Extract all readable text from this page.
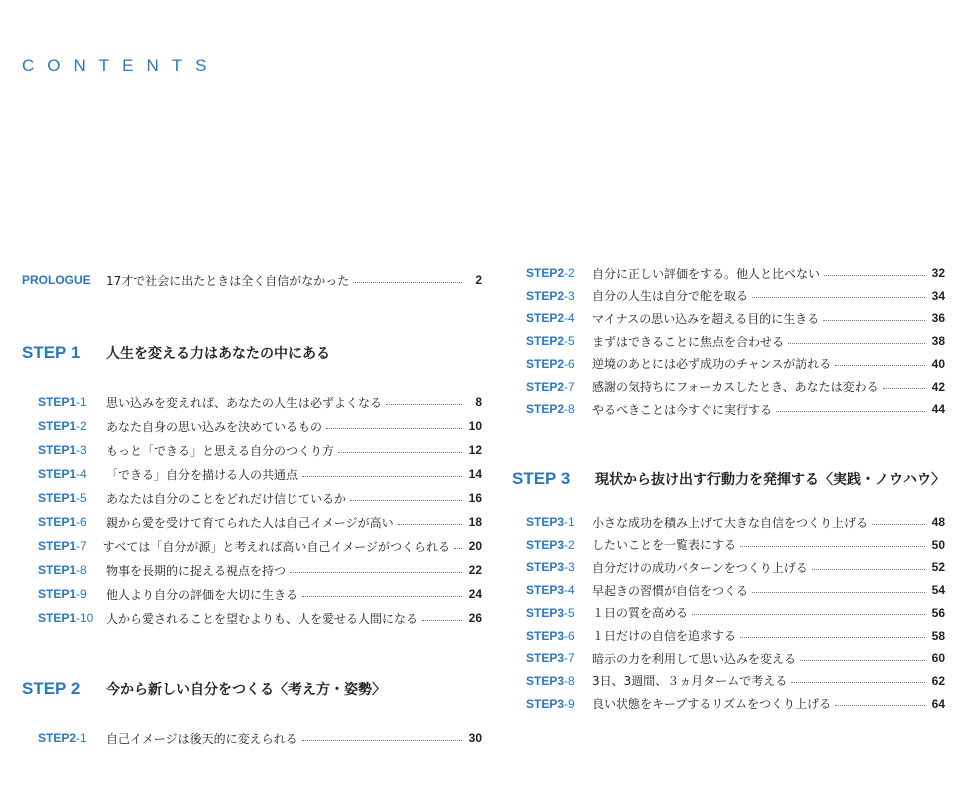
CONTENTS
PROLOGUE	17才で社会に出たときは全く自信がなかった	2
STEP 1	人生を変える力はあなたの中にある
STEP1-1	思い込みを変えれば、あなたの人生は必ずよくなる	8
STEP1-2	あなた自身の思い込みを決めているもの	10
STEP1-3	もっと「できる」と思える自分のつくり方	12
STEP1-4	「できる」自分を描ける人の共通点	14
STEP1-5	あなたは自分のことをどれだけ信じているか	16
STEP1-6	親から愛を受けて育てられた人は自己イメージが高い	18
STEP1-7	すべては「自分が源」と考えれば高い自己イメージがつくられる 20
STEP1-8	物事を長期的に捉える視点を持つ	22
STEP1-9	他人より自分の評価を大切に生きる	24
STEP1-10	人から愛されることを望むよりも、人を愛せる人間になる	26
STEP 2	今から新しい自分をつくる〈考え方・姿勢〉
STEP2-1	自己イメージは後天的に変えられる	30
STEP2-2	自分に正しい評価をする。他人と比べない	32
STEP2-3	自分の人生は自分で舵を取る	34
STEP2-4	マイナスの思い込みを超える目的に生きる	36
STEP2-5	まずはできることに焦点を合わせる	38
STEP2-6	逆境のあとには必ず成功のチャンスが訪れる	40
STEP2-7	感謝の気持ちにフォーカスしたとき、あなたは変わる	42
STEP2-8	やるべきことは今すぐに実行する	44
STEP 3	現状から抜け出す行動力を発揮する〈実践・ノウハウ〉
STEP3-1	小さな成功を積み上げて大きな自信をつくり上げる	48
STEP3-2	したいことを一覧表にする	50
STEP3-3	自分だけの成功パターンをつくり上げる	52
STEP3-4	早起きの習慣が自信をつくる	54
STEP3-5	１日の質を高める	56
STEP3-6	１日だけの自信を追求する	58
STEP3-7	暗示の力を利用して思い込みを変える	60
STEP3-8	3日、3週間、３ヵ月タームで考える	62
STEP3-9	良い状態をキープするリズムをつくり上げる	64
